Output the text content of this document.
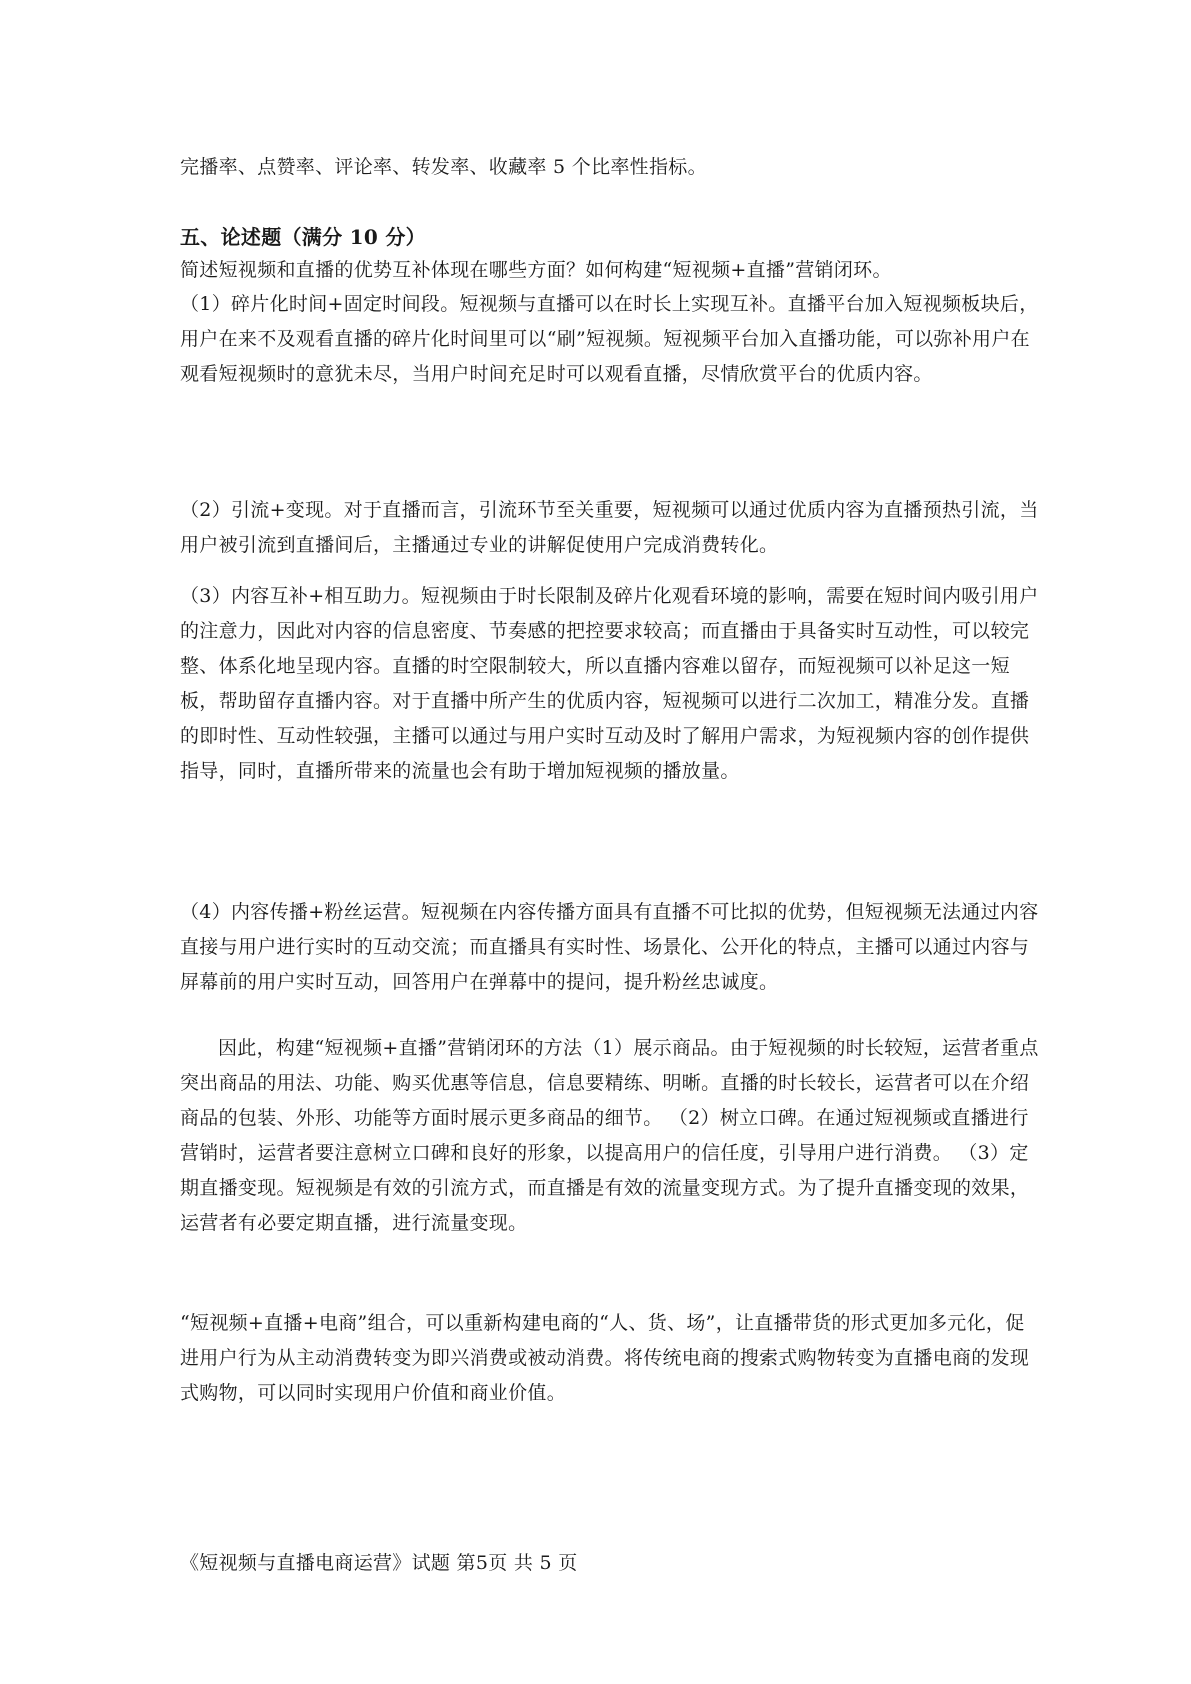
完播率、点赞率、评论率、转发率、收藏率 5 个比率性指标。

五、论述题（满分 10 分）

简述短视频和直播的优势互补体现在哪些方面？如何构建“短视频+直播”营销闭环。

（1）碎片化时间+固定时间段。短视频与直播可以在时长上实现互补。直播平台加入短视频板块后，用户在来不及观看直播的碎片化时间里可以“刷”短视频。短视频平台加入直播功能，可以弥补用户在观看短视频时的意犹未尽，当用户时间充足时可以观看直播，尽情欣赏平台的优质内容。

（2）引流+变现。对于直播而言，引流环节至关重要，短视频可以通过优质内容为直播预热引流，当用户被引流到直播间后，主播通过专业的讲解促使用户完成消费转化。

（3）内容互补+相互助力。短视频由于时长限制及碎片化观看环境的影响，需要在短时间内吸引用户的注意力，因此对内容的信息密度、节奏感的把控要求较高；而直播由于具备实时互动性，可以较完整、体系化地呈现内容。直播的时空限制较大，所以直播内容难以留存，而短视频可以补足这一短板，帮助留存直播内容。对于直播中所产生的优质内容，短视频可以进行二次加工，精准分发。直播的即时性、互动性较强，主播可以通过与用户实时互动及时了解用户需求，为短视频内容的创作提供指导，同时，直播所带来的流量也会有助于增加短视频的播放量。

（4）内容传播+粉丝运营。短视频在内容传播方面具有直播不可比拟的优势，但短视频无法通过内容直接与用户进行实时的互动交流；而直播具有实时性、场景化、公开化的特点，主播可以通过内容与屏幕前的用户实时互动，回答用户在弹幕中的提问，提升粉丝忠诚度。

因此，构建“短视频+直播”营销闭环的方法（1）展示商品。由于短视频的时长较短，运营者重点突出商品的用法、功能、购买优惠等信息，信息要精练、明晰。直播的时长较长，运营者可以在介绍商品的包装、外形、功能等方面时展示更多商品的细节。 （2）树立口碑。在通过短视频或直播进行营销时，运营者要注意树立口碑和良好的形象，以提高用户的信任度，引导用户进行消费。 （3）定期直播变现。短视频是有效的引流方式，而直播是有效的流量变现方式。为了提升直播变现的效果，运营者有必要定期直播，进行流量变现。

“短视频+直播+电商”组合，可以重新构建电商的“人、货、场”，让直播带货的形式更加多元化，促进用户行为从主动消费转变为即兴消费或被动消费。将传统电商的搜索式购物转变为直播电商的发现式购物，可以同时实现用户价值和商业价值。

《短视频与直播电商运营》试题 第5页 共 5 页
